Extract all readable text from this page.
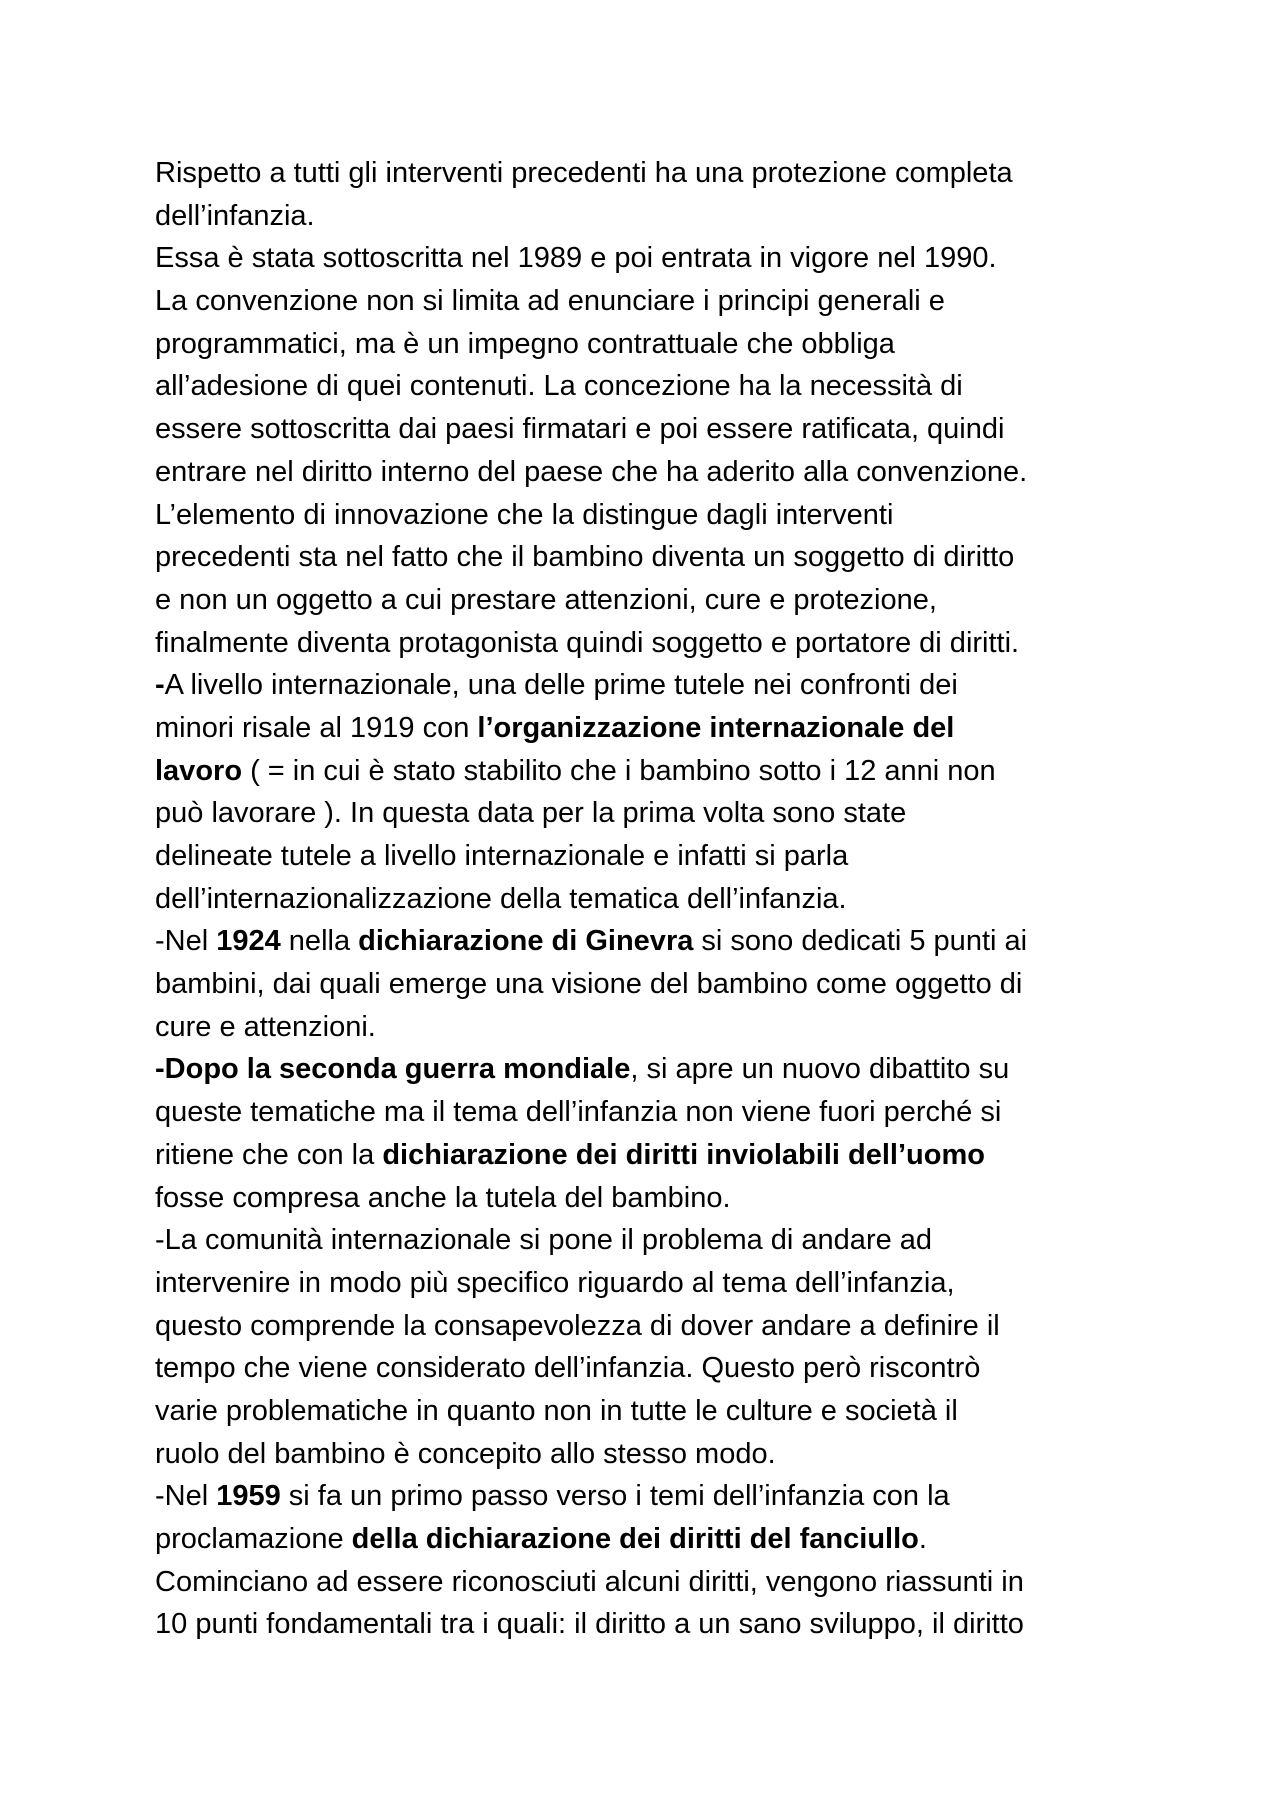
Rispetto a tutti gli interventi precedenti ha una protezione completa
dell’infanzia.
Essa è stata sottoscritta nel 1989 e poi entrata in vigore nel 1990.
La convenzione non si limita ad enunciare i principi generali e
programmatici, ma è un impegno contrattuale che obbliga
all’adesione di quei contenuti. La concezione ha la necessità di
essere sottoscritta dai paesi firmatari e poi essere ratificata, quindi
entrare nel diritto interno del paese che ha aderito alla convenzione.
L’elemento di innovazione che la distingue dagli interventi
precedenti sta nel fatto che il bambino diventa un soggetto di diritto
e non un oggetto a cui prestare attenzioni, cure e protezione,
finalmente diventa protagonista quindi soggetto e portatore di diritti.
-A livello internazionale, una delle prime tutele nei confronti dei
minori risale al 1919 con l’organizzazione internazionale del
lavoro ( = in cui è stato stabilito che i bambino sotto i 12 anni non
può lavorare ). In questa data per la prima volta sono state
delineate tutele a livello internazionale e infatti si parla
dell’internazionalizzazione della tematica dell’infanzia.
-Nel 1924 nella dichiarazione di Ginevra si sono dedicati 5 punti ai
bambini, dai quali emerge una visione del bambino come oggetto di
cure e attenzioni.
-Dopo la seconda guerra mondiale, si apre un nuovo dibattito su
queste tematiche ma il tema dell’infanzia non viene fuori perché si
ritiene che con la dichiarazione dei diritti inviolabili dell’uomo
fosse compresa anche la tutela del bambino.
-La comunità internazionale si pone il problema di andare ad
intervenire in modo più specifico riguardo al tema dell’infanzia,
questo comprende la consapevolezza di dover andare a definire il
tempo che viene considerato dell’infanzia. Questo però riscontrò
varie problematiche in quanto non in tutte le culture e società il
ruolo del bambino è concepito allo stesso modo.
-Nel 1959 si fa un primo passo verso i temi dell’infanzia con la
proclamazione della dichiarazione dei diritti del fanciullo.
Cominciano ad essere riconosciuti alcuni diritti, vengono riassunti in
10 punti fondamentali tra i quali: il diritto a un sano sviluppo, il diritto
